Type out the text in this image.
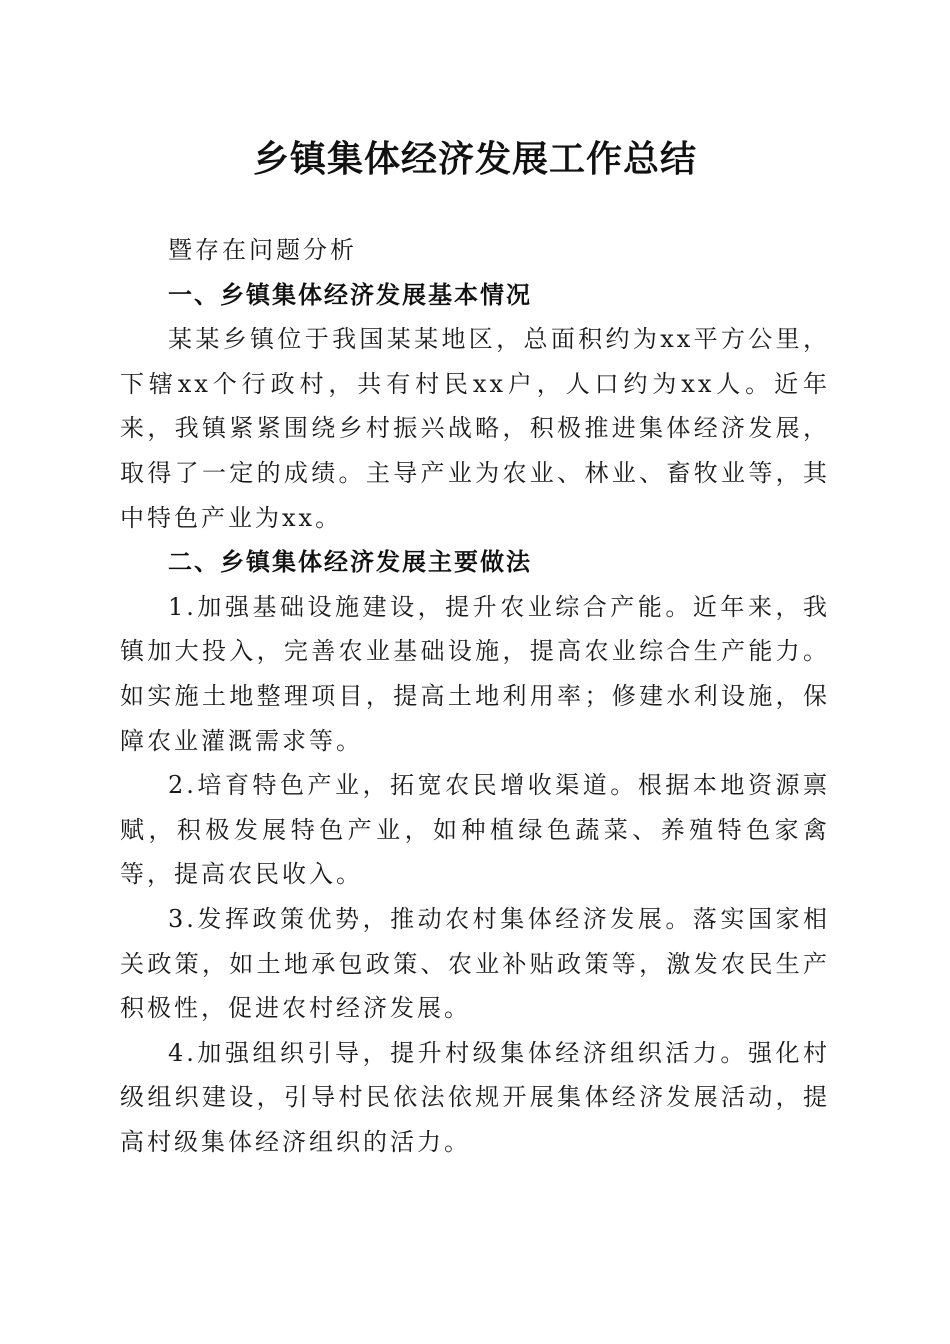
乡镇集体经济发展工作总结

暨存在问题分析

一、乡镇集体经济发展基本情况

某某乡镇位于我国某某地区，总面积约为xx平方公里，下辖xx个行政村，共有村民xx户，人口约为xx人。近年来，我镇紧紧围绕乡村振兴战略，积极推进集体经济发展，取得了一定的成绩。主导产业为农业、林业、畜牧业等，其中特色产业为xx。

二、乡镇集体经济发展主要做法

1.加强基础设施建设，提升农业综合产能。近年来，我镇加大投入，完善农业基础设施，提高农业综合生产能力。如实施土地整理项目，提高土地利用率；修建水利设施，保障农业灌溉需求等。

2.培育特色产业，拓宽农民增收渠道。根据本地资源禀赋，积极发展特色产业，如种植绿色蔬菜、养殖特色家禽等，提高农民收入。

3.发挥政策优势，推动农村集体经济发展。落实国家相关政策，如土地承包政策、农业补贴政策等，激发农民生产积极性，促进农村经济发展。

4.加强组织引导，提升村级集体经济组织活力。强化村级组织建设，引导村民依法依规开展集体经济发展活动，提高村级集体经济组织的活力。
